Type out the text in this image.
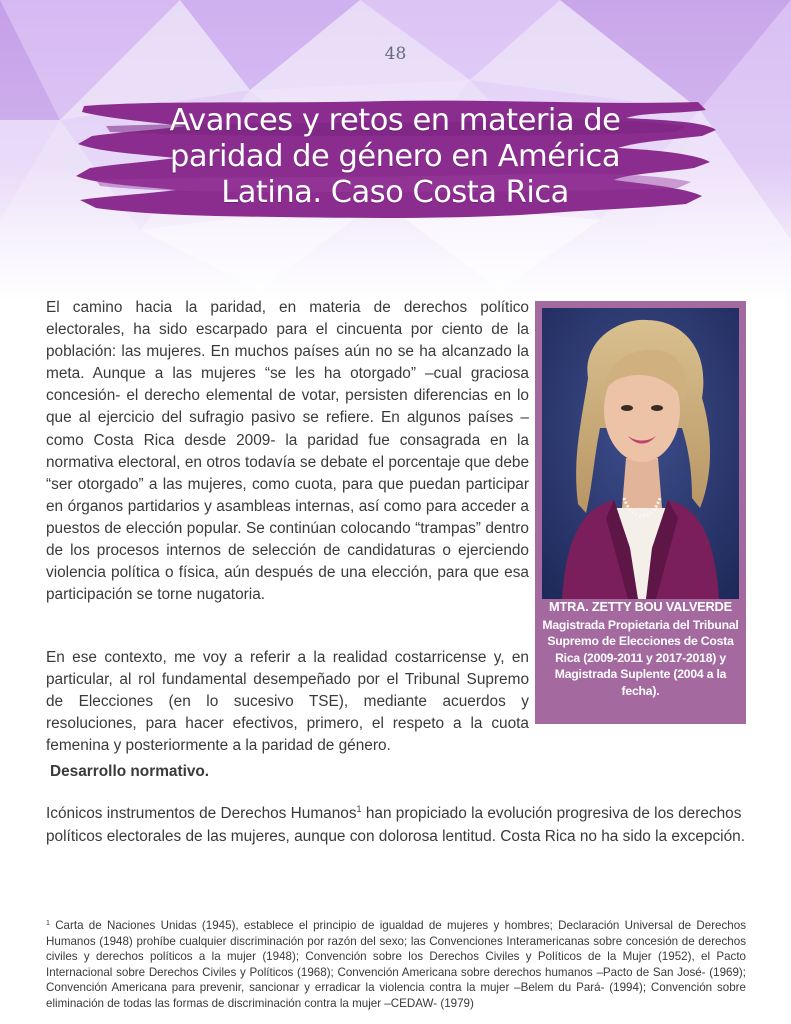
48
Avances y retos en materia de
paridad de género en América
Latina. Caso Costa Rica

El camino hacia la paridad, en materia de derechos político electorales, ha sido escarpado para el cincuenta por ciento de la población: las mujeres. En muchos países aún no se ha alcanzado la meta. Aunque a las mujeres “se les ha otorgado” –cual graciosa concesión- el derecho elemental de votar, persisten diferencias en lo que al ejercicio del sufragio pasivo se refiere. En algunos países –como Costa Rica desde 2009- la paridad fue consagrada en la normativa electoral, en otros todavía se debate el porcentaje que debe “ser otorgado” a las mujeres, como cuota, para que puedan participar en órganos partidarios y asambleas internas, así como para acceder a puestos de elección popular. Se continúan colocando “trampas” dentro de los procesos internos de selección de candidaturas o ejerciendo violencia política o física, aún después de una elección, para que esa participación se torne nugatoria.

En ese contexto, me voy a referir a la realidad costarricense y, en particular, al rol fundamental desempeñado por el Tribunal Supremo de Elecciones (en lo sucesivo TSE), mediante acuerdos y resoluciones, para hacer efectivos, primero, el respeto a la cuota femenina y posteriormente a la paridad de género.

MTRA. ZETTY BOU VALVERDE
Magistrada Propietaria del Tribunal Supremo de Elecciones de Costa Rica (2009-2011 y 2017-2018) y Magistrada Suplente (2004 a la fecha).
Desarrollo normativo.

Icónicos instrumentos de Derechos Humanos$^1$ han propiciado la evolución progresiva de los derechos políticos electorales de las mujeres, aunque con dolorosa lentitud. Costa Rica no ha sido la excepción.

$^1$ Carta de Naciones Unidas (1945), establece el principio de igualdad de mujeres y hombres; Declaración Universal de Derechos Humanos (1948) prohíbe cualquier discriminación por razón del sexo; las Convenciones Interamericanas sobre concesión de derechos civiles y derechos políticos a la mujer (1948); Convención sobre los Derechos Civiles y Políticos de la Mujer (1952), el Pacto Internacional sobre Derechos Civiles y Políticos (1968); Convención Americana sobre derechos humanos –Pacto de San José- (1969); Convención Americana para prevenir, sancionar y erradicar la violencia contra la mujer –Belem du Pará- (1994); Convención sobre eliminación de todas las formas de discriminación contra la mujer –CEDAW- (1979)
